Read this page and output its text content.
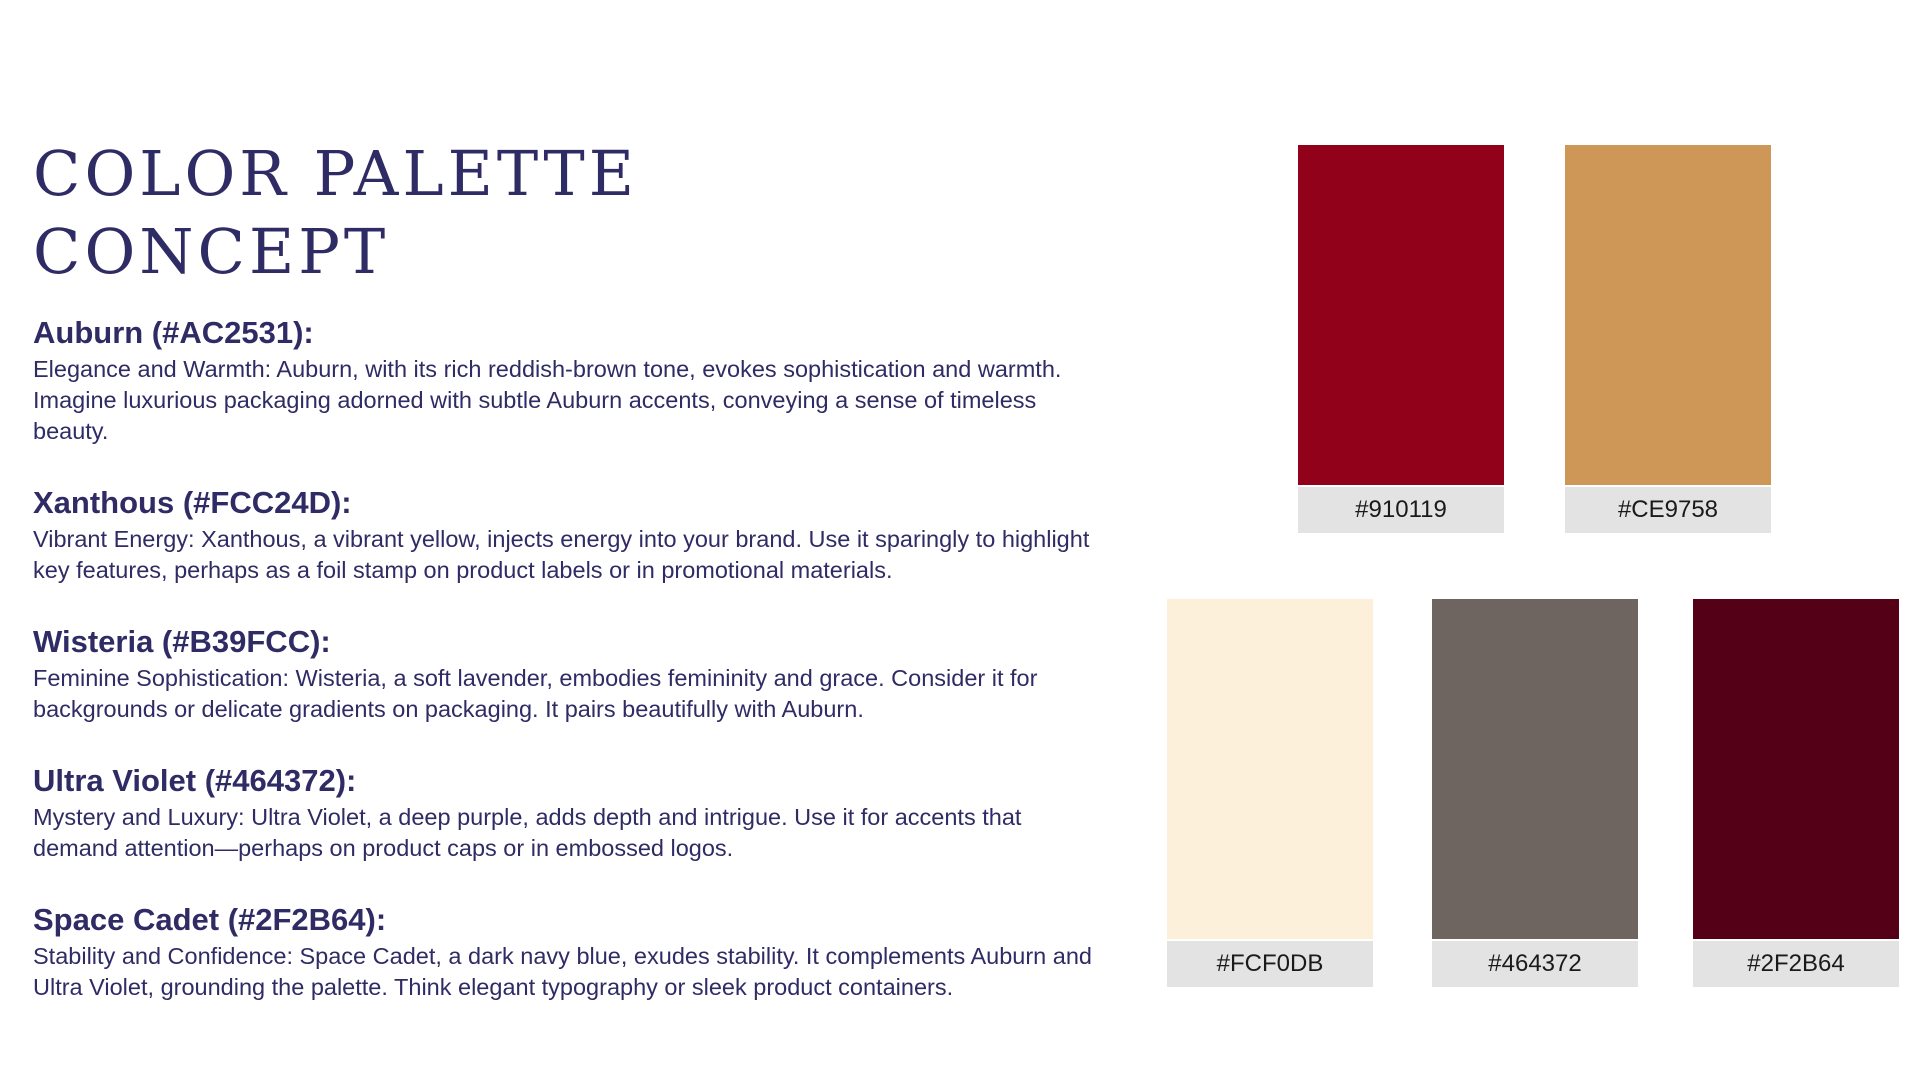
COLOR PALETTE
CONCEPT
Auburn (#AC2531):

Elegance and Warmth: Auburn, with its rich reddish-brown tone, evokes sophistication and warmth. Imagine luxurious packaging adorned with subtle Auburn accents, conveying a sense of timeless beauty.

Xanthous (#FCC24D):

Vibrant Energy: Xanthous, a vibrant yellow, injects energy into your brand. Use it sparingly to highlight key features, perhaps as a foil stamp on product labels or in promotional materials.

Wisteria (#B39FCC):

Feminine Sophistication: Wisteria, a soft lavender, embodies femininity and grace. Consider it for backgrounds or delicate gradients on packaging. It pairs beautifully with Auburn.

Ultra Violet (#464372):

Mystery and Luxury: Ultra Violet, a deep purple, adds depth and intrigue. Use it for accents that demand attention—perhaps on product caps or in embossed logos.

Space Cadet (#2F2B64):

Stability and Confidence: Space Cadet, a dark navy blue, exudes stability. It complements Auburn and Ultra Violet, grounding the palette. Think elegant typography or sleek product containers.

#910119	#CE9758
#FCF0DB	#464372	#2F2B64
